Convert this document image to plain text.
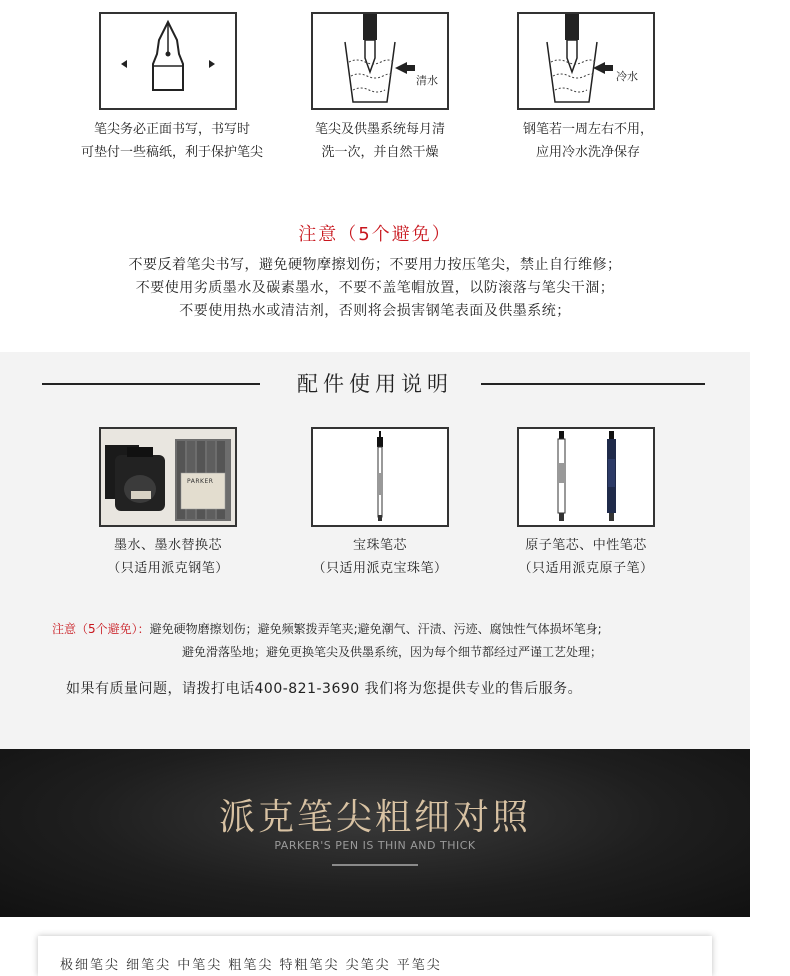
清水	冷水
笔尖务必正面书写，书写时
可垫付一些稿纸，利于保护笔尖
笔尖及供墨系统每月清
洗一次，并自然干燥
钢笔若一周左右不用，
应用冷水洗净保存
注意（5个避免）
不要反着笔尖书写，避免硬物摩擦划伤；不要用力按压笔尖，禁止自行维修；
不要使用劣质墨水及碳素墨水，不要不盖笔帽放置，以防滚落与笔尖干涸；
不要使用热水或清洁剂，否则将会损害钢笔表面及供墨系统；
配件使用说明
PARKER
墨水、墨水替换芯
（只适用派克钢笔）
宝珠笔芯
（只适用派克宝珠笔）
原子笔芯、中性笔芯
（只适用派克原子笔）
注意（5个避免）：避免硬物磨擦划伤；避免频繁拨弄笔夹;避免潮气、汗渍、污迹、腐蚀性气体损坏笔身;
避免滑落坠地；避免更换笔尖及供墨系统，因为每个细节都经过严谨工艺处理；
如果有质量问题，请拨打电话400-821-3690 我们将为您提供专业的售后服务。
派克笔尖粗细对照
PARKER'S PEN IS THIN AND THICK
极细笔尖 细笔尖 中笔尖 粗笔尖 特粗笔尖 尖笔尖 平笔尖
